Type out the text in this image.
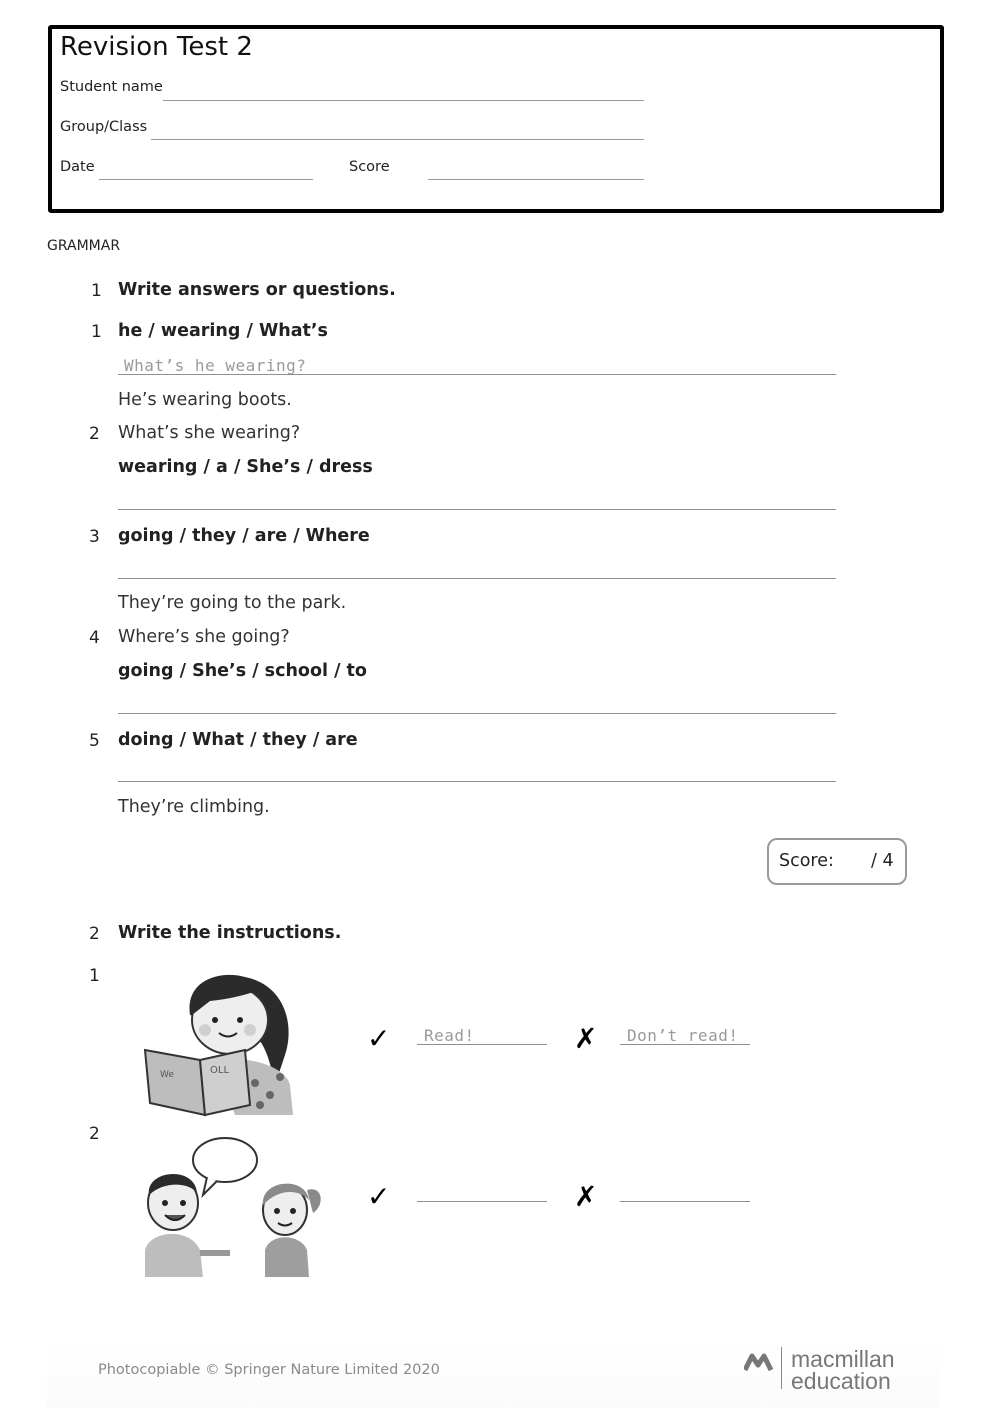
Revision Test 2
Student name
Group/Class
Date	Score
GRAMMAR
1 Write answers or questions.
1 he / wearing / What’s
What’s he wearing?
He’s wearing boots.
2 What’s she wearing?
wearing / a / She’s / dress
3 going / they / are / Where
They’re going to the park.
4 Where’s she going?
going / She’s / school / to
5 doing / What / they / are
They’re climbing.
Score: / 4
2 Write the instructions.
1
We	OLL
✓ Read!	✗ Don’t read!
2
✓	✗
Photocopiable © Springer Nature Limited 2020	macmillan
education
